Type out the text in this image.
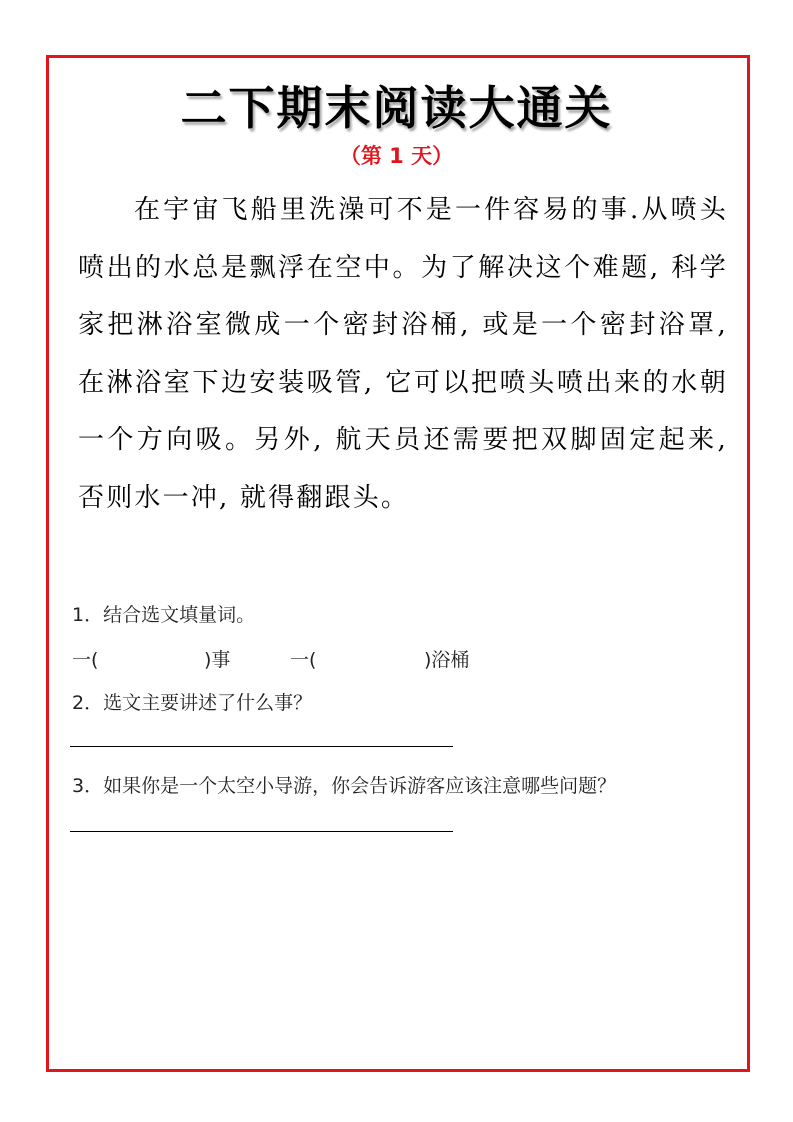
二下期末阅读大通关
（第 1 天）
在宇宙飞船里洗澡可不是一件容易的事.从喷头喷出的水总是飘浮在空中。为了解决这个难题, 科学家把淋浴室微成一个密封浴桶, 或是一个密封浴罩, 在淋浴室下边安装吸管, 它可以把喷头喷出来的水朝一个方向吸。另外, 航天员还需要把双脚固定起来, 否则水一冲, 就得翻跟头。
1．结合选文填量词。
一(	)事	一(	)浴桶
2．选文主要讲述了什么事？
3．如果你是一个太空小导游，你会告诉游客应该注意哪些问题？
